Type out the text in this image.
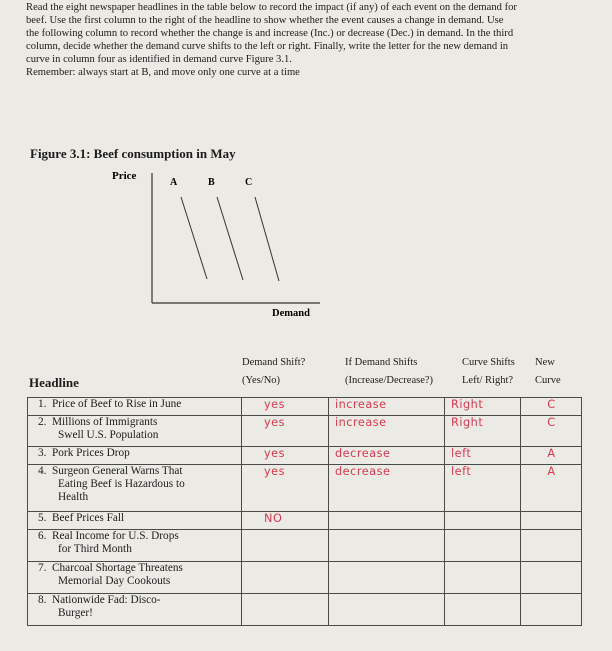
Read the eight newspaper headlines in the table below to record the impact (if any) of each event on the demand for
beef. Use the first column to the right of the headline to show whether the event causes a change in demand. Use
the following column to record whether the change is and increase (Inc.) or decrease (Dec.) in demand. In the third
column, decide whether the demand curve shifts to the left or right. Finally, write the letter for the new demand in
curve in column four as identified in demand curve Figure 3.1.
Remember: always start at B, and move only one curve at a time
Figure 3.1: Beef consumption in May
Price
A	B	C
Demand
Demand Shift?
(Yes/No)
If Demand Shifts
(Increase/Decrease?)
Curve Shifts
Left/ Right?
New
Curve
Headline
1. Price of Beef to Rise in June	yes	increase	Right	C

2. Millions of Immigrants
Swell U.S. Population	yes	increase	Right	C

3. Pork Prices Drop	yes	decrease	left	A

4. Surgeon General Warns That
Eating Beef is Hazardous to
Health	yes	decrease	left	A

5. Beef Prices Fall	NO			

6. Real Income for U.S. Drops
for Third Month				

7. Charcoal Shortage Threatens
Memorial Day Cookouts				

8. Nationwide Fad: Disco-
Burger!				
